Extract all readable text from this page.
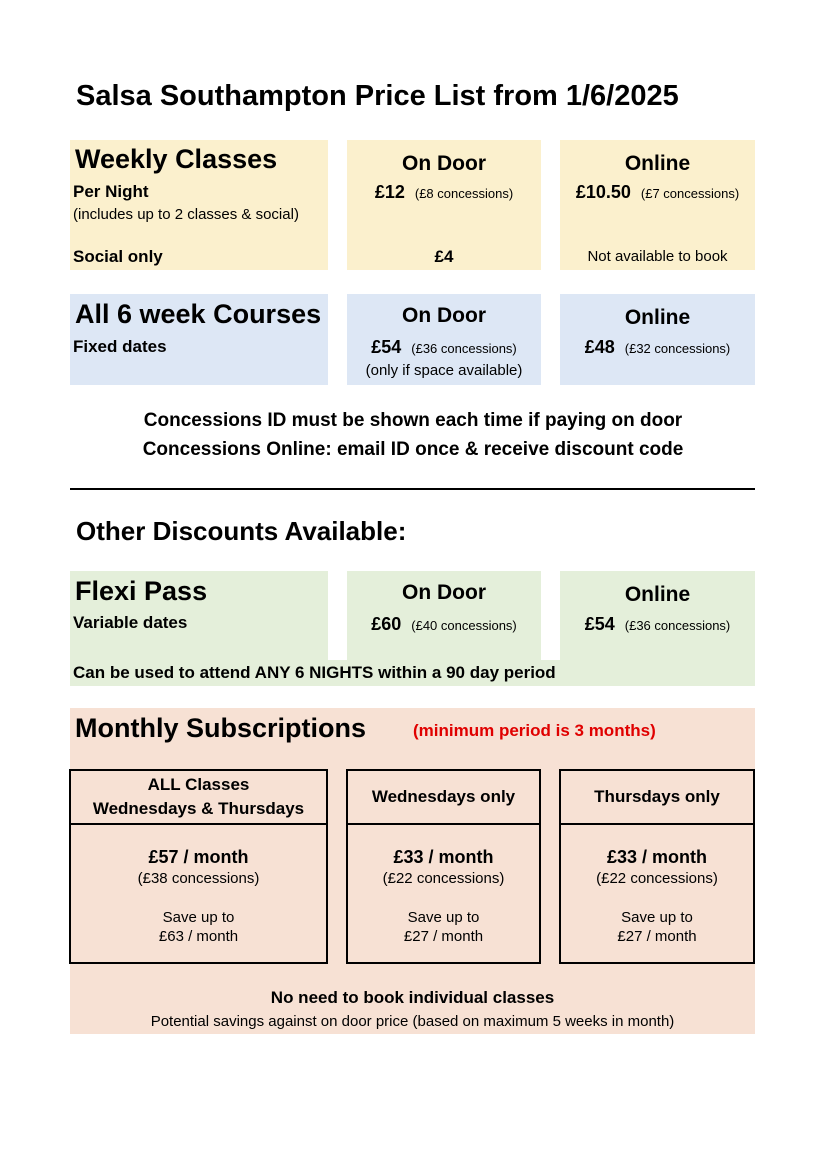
Salsa Southampton Price List from 1/6/2025
Weekly Classes
Per Night
(includes up to 2 classes & social)
Social only
On Door
£12 (£8 concessions)
£4
Online
£10.50 (£7 concessions)
Not available to book
All 6 week Courses
Fixed dates
On Door
£54 (£36 concessions)
(only if space available)
Online
£48 (£32 concessions)
Concessions ID must be shown each time if paying on door
Concessions Online: email ID once & receive discount code
Other Discounts Available:
Flexi Pass
Variable dates
On Door
£60 (£40 concessions)
Online
£54 (£36 concessions)
Can be used to attend ANY 6 NIGHTS within a 90 day period
Monthly Subscriptions	(minimum period is 3 months)
No need to book individual classes
Potential savings against on door price (based on maximum 5 weeks in month)
ALL Classes
Wednesdays & Thursdays
£57 / month
(£38 concessions)
Save up to
£63 / month
Wednesdays only
£33 / month
(£22 concessions)
Save up to
£27 / month
Thursdays only
£33 / month
(£22 concessions)
Save up to
£27 / month
